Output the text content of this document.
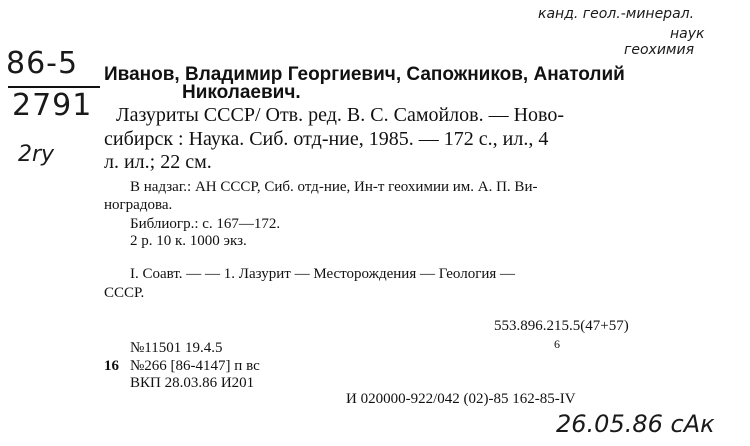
86-5
2791
2ry
канд. геол.-минерал.
наук
геохимия
Иванов, Владимир Георгиевич, Сапожников, Анатолий
Николаевич.
Лазуриты СССР/ Отв. ред. В. С. Самойлов. — Ново-
сибирск : Наука. Сиб. отд-ние, 1985. — 172 с., ил., 4
л. ил.; 22 см.
В надзаг.: АН СССР, Сиб. отд-ние, Ин-т геохимии им. А. П. Ви-
ноградова.
Библиогр.: с. 167—172.
2 р. 10 к. 1000 экз.
I. Соавт. — — 1. Лазурит — Месторождения — Геология —
СССР.
553.896.215.5(47+57)
6
№11501 19.4.5
16 №266 [86-4147] п вс
ВКП 28.03.86 И201
И 020000-922/042 (02)-85 162-85-IV
26.05.86 сАк
